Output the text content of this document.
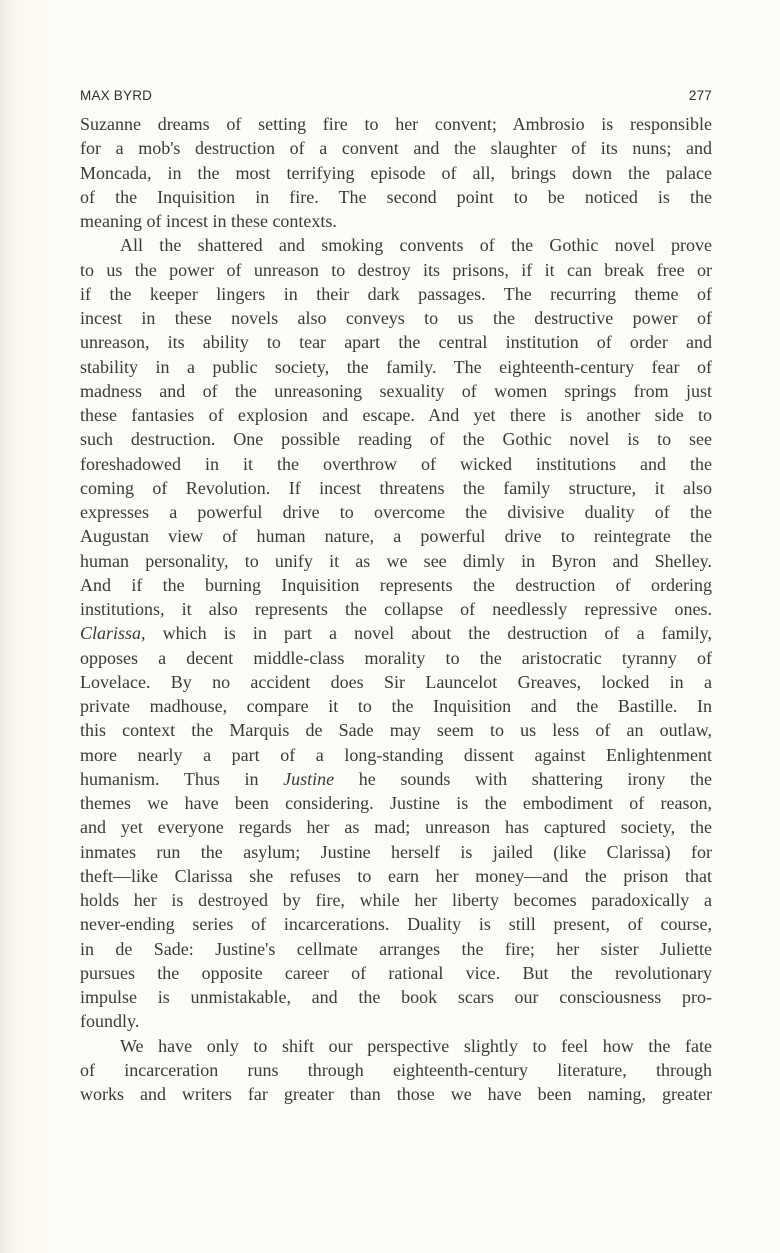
MAX BYRD	277
Suzanne dreams of setting fire to her convent; Ambrosio is responsible
for a mob's destruction of a convent and the slaughter of its nuns; and
Moncada, in the most terrifying episode of all, brings down the palace
of the Inquisition in fire. The second point to be noticed is the
meaning of incest in these contexts.
All the shattered and smoking convents of the Gothic novel prove
to us the power of unreason to destroy its prisons, if it can break free or
if the keeper lingers in their dark passages. The recurring theme of
incest in these novels also conveys to us the destructive power of
unreason, its ability to tear apart the central institution of order and
stability in a public society, the family. The eighteenth-century fear of
madness and of the unreasoning sexuality of women springs from just
these fantasies of explosion and escape. And yet there is another side to
such destruction. One possible reading of the Gothic novel is to see
foreshadowed in it the overthrow of wicked institutions and the
coming of Revolution. If incest threatens the family structure, it also
expresses a powerful drive to overcome the divisive duality of the
Augustan view of human nature, a powerful drive to reintegrate the
human personality, to unify it as we see dimly in Byron and Shelley.
And if the burning Inquisition represents the destruction of ordering
institutions, it also represents the collapse of needlessly repressive ones.
Clarissa, which is in part a novel about the destruction of a family,
opposes a decent middle-class morality to the aristocratic tyranny of
Lovelace. By no accident does Sir Launcelot Greaves, locked in a
private madhouse, compare it to the Inquisition and the Bastille. In
this context the Marquis de Sade may seem to us less of an outlaw,
more nearly a part of a long-standing dissent against Enlightenment
humanism. Thus in Justine he sounds with shattering irony the
themes we have been considering. Justine is the embodiment of reason,
and yet everyone regards her as mad; unreason has captured society, the
inmates run the asylum; Justine herself is jailed (like Clarissa) for
theft—like Clarissa she refuses to earn her money—and the prison that
holds her is destroyed by fire, while her liberty becomes paradoxically a
never-ending series of incarcerations. Duality is still present, of course,
in de Sade: Justine's cellmate arranges the fire; her sister Juliette
pursues the opposite career of rational vice. But the revolutionary
impulse is unmistakable, and the book scars our consciousness pro-
foundly.
We have only to shift our perspective slightly to feel how the fate
of incarceration runs through eighteenth-century literature, through
works and writers far greater than those we have been naming, greater
